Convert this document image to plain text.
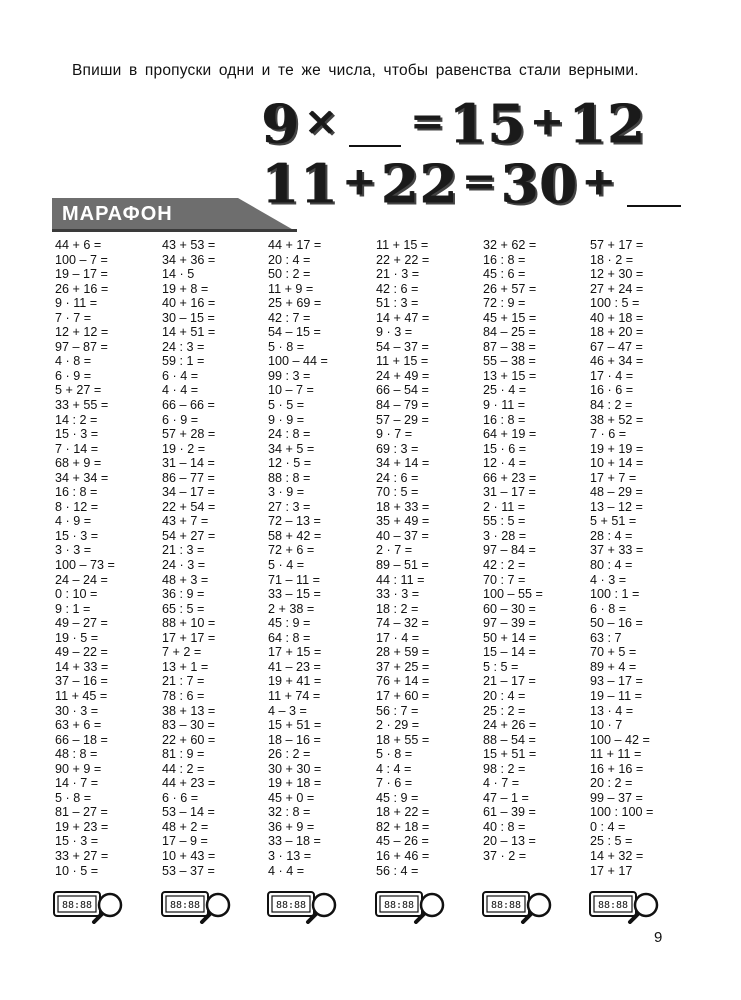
Впиши в пропуски одни и те же числа, чтобы равенства стали верными.
9 × = 15 + 12
11 + 22 = 30 +
МАРАФОН
44 + 6 =
100 – 7 =
19 – 17 =
26 + 16 =
9 · 11 =
7 · 7 =
12 + 12 =
97 – 87 =
4 · 8 =
6 · 9 =
5 + 27 =
33 + 55 =
14 : 2 =
15 · 3 =
7 · 14 =
68 + 9 =
34 + 34 =
16 : 8 =
8 · 12 =
4 · 9 =
15 · 3 =
3 · 3 =
100 – 73 =
24 – 24 =
0 : 10 =
9 : 1 =
49 – 27 =
19 · 5 =
49 – 22 =
14 + 33 =
37 – 16 =
11 + 45 =
30 · 3 =
63 + 6 =
66 – 18 =
48 : 8 =
90 + 9 =
14 · 7 =
5 · 8 =
81 – 27 =
19 + 23 =
15 · 3 =
33 + 27 =
10 · 5 =
43 + 53 =
34 + 36 =
14 · 5
19 + 8 =
40 + 16 =
30 – 15 =
14 + 51 =
24 : 3 =
59 : 1 =
6 · 4 =
4 · 4 =
66 – 66 =
6 · 9 =
57 + 28 =
19 · 2 =
31 – 14 =
86 – 77 =
34 – 17 =
22 + 54 =
43 + 7 =
54 + 27 =
21 : 3 =
24 · 3 =
48 + 3 =
36 : 9 =
65 : 5 =
88 + 10 =
17 + 17 =
7 + 2 =
13 + 1 =
21 : 7 =
78 : 6 =
38 + 13 =
83 – 30 =
22 + 60 =
81 : 9 =
44 : 2 =
44 + 23 =
6 · 6 =
53 – 14 =
48 + 2 =
17 – 9 =
10 + 43 =
53 – 37 =
44 + 17 =
20 : 4 =
50 : 2 =
11 + 9 =
25 + 69 =
42 : 7 =
54 – 15 =
5 · 8 =
100 – 44 =
99 : 3 =
10 – 7 =
5 · 5 =
9 · 9 =
24 : 8 =
34 + 5 =
12 · 5 =
88 : 8 =
3 · 9 =
27 : 3 =
72 – 13 =
58 + 42 =
72 + 6 =
5 · 4 =
71 – 11 =
33 – 15 =
2 + 38 =
45 : 9 =
64 : 8 =
17 + 15 =
41 – 23 =
19 + 41 =
11 + 74 =
4 – 3 =
15 + 51 =
18 – 16 =
26 : 2 =
30 + 30 =
19 + 18 =
45 + 0 =
32 : 8 =
36 + 9 =
33 – 18 =
3 · 13 =
4 · 4 =
11 + 15 =
22 + 22 =
21 · 3 =
42 : 6 =
51 : 3 =
14 + 47 =
9 · 3 =
54 – 37 =
11 + 15 =
24 + 49 =
66 – 54 =
84 – 79 =
57 – 29 =
9 · 7 =
69 : 3 =
34 + 14 =
24 : 6 =
70 : 5 =
18 + 33 =
35 + 49 =
40 – 37 =
2 · 7 =
89 – 51 =
44 : 11 =
33 · 3 =
18 : 2 =
74 – 32 =
17 · 4 =
28 + 59 =
37 + 25 =
76 + 14 =
17 + 60 =
56 : 7 =
2 · 29 =
18 + 55 =
5 · 8 =
4 : 4 =
7 · 6 =
45 : 9 =
18 + 22 =
82 + 18 =
45 – 26 =
16 + 46 =
56 : 4 =
32 + 62 =
16 : 8 =
45 : 6 =
26 + 57 =
72 : 9 =
45 + 15 =
84 – 25 =
87 – 38 =
55 – 38 =
13 + 15 =
25 · 4 =
9 · 11 =
16 : 8 =
64 + 19 =
15 · 6 =
12 · 4 =
66 + 23 =
31 – 17 =
2 · 11 =
55 : 5 =
3 · 28 =
97 – 84 =
42 : 2 =
70 : 7 =
100 – 55 =
60 – 30 =
97 – 39 =
50 + 14 =
15 – 14 =
5 : 5 =
21 – 17 =
20 : 4 =
25 : 2 =
24 + 26 =
88 – 54 =
15 + 51 =
98 : 2 =
4 · 7 =
47 – 1 =
61 – 39 =
40 : 8 =
20 – 13 =
37 · 2 =
57 + 17 =
18 · 2 =
12 + 30 =
27 + 24 =
100 : 5 =
40 + 18 =
18 + 20 =
67 – 47 =
46 + 34 =
17 · 4 =
16 · 6 =
84 : 2 =
38 + 52 =
7 · 6 =
19 + 19 =
10 + 14 =
17 + 7 =
48 – 29 =
13 – 12 =
5 + 51 =
28 : 4 =
37 + 33 =
80 : 4 =
4 · 3 =
100 : 1 =
6 · 8 =
50 – 16 =
63 : 7
70 + 5 =
89 + 4 =
93 – 17 =
19 – 11 =
13 · 4 =
10 · 7
100 – 42 =
11 + 11 =
16 + 16 =
20 : 2 =
99 – 37 =
100 : 100 =
0 : 4 =
25 : 5 =
14 + 32 =
17 + 17
88:88	88:88	88:88	88:88	88:88	88:88
9
